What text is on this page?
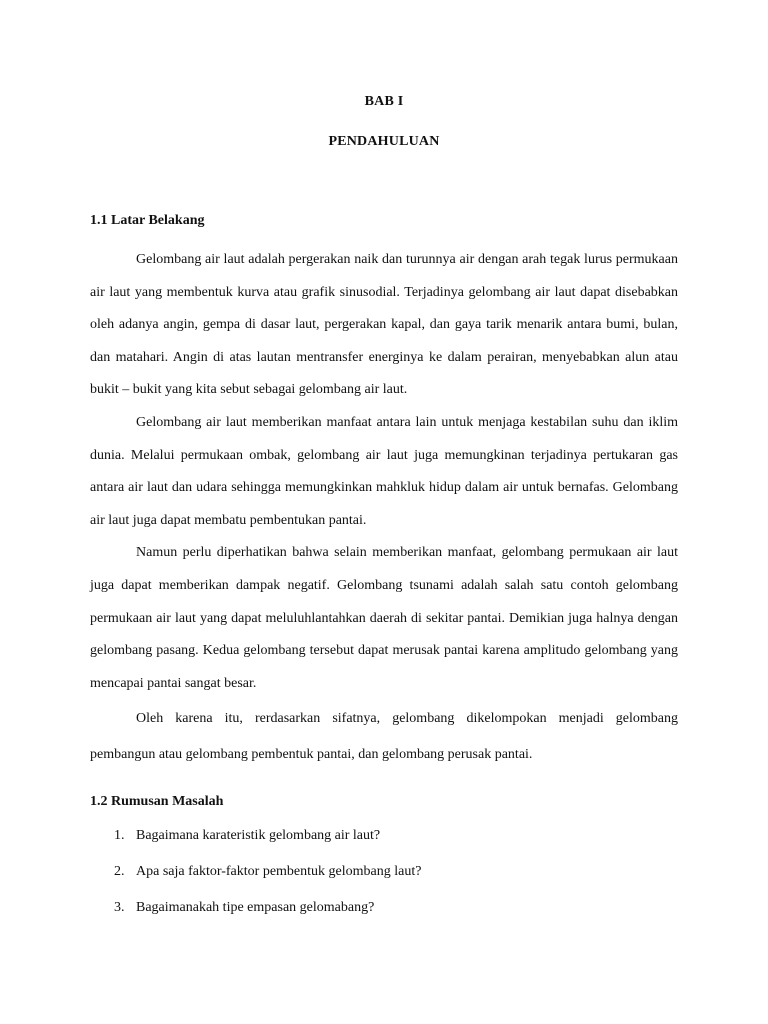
BAB I
PENDAHULUAN
1.1 Latar Belakang

Gelombang air laut adalah pergerakan naik dan turunnya air dengan arah tegak lurus permukaan air laut yang membentuk kurva atau grafik sinusodial. Terjadinya gelombang air laut dapat disebabkan oleh adanya angin, gempa di dasar laut, pergerakan kapal, dan gaya tarik menarik antara bumi, bulan, dan matahari. Angin di atas lautan mentransfer energinya ke dalam perairan, menyebabkan alun atau bukit – bukit yang kita sebut sebagai gelombang air laut.

Gelombang air laut memberikan manfaat antara lain untuk menjaga kestabilan suhu dan iklim dunia. Melalui permukaan ombak, gelombang air laut juga memungkinan terjadinya pertukaran gas antara air laut dan udara sehingga memungkinkan mahkluk hidup dalam air untuk bernafas. Gelombang air laut juga dapat membatu pembentukan pantai.

Namun perlu diperhatikan bahwa selain memberikan manfaat, gelombang permukaan air laut juga dapat memberikan dampak negatif. Gelombang tsunami adalah salah satu contoh gelombang permukaan air laut yang dapat meluluhlantahkan daerah di sekitar pantai. Demikian juga halnya dengan gelombang pasang. Kedua gelombang tersebut dapat merusak pantai karena amplitudo gelombang yang mencapai pantai sangat besar.

Oleh karena itu, rerdasarkan sifatnya, gelombang dikelompokan menjadi gelombang pembangun atau gelombang pembentuk pantai, dan gelombang perusak pantai.

1.2 Rumusan Masalah
1. Bagaimana karateristik gelombang air laut?
2. Apa saja faktor-faktor pembentuk gelombang laut?
3. Bagaimanakah tipe empasan gelomabang?
